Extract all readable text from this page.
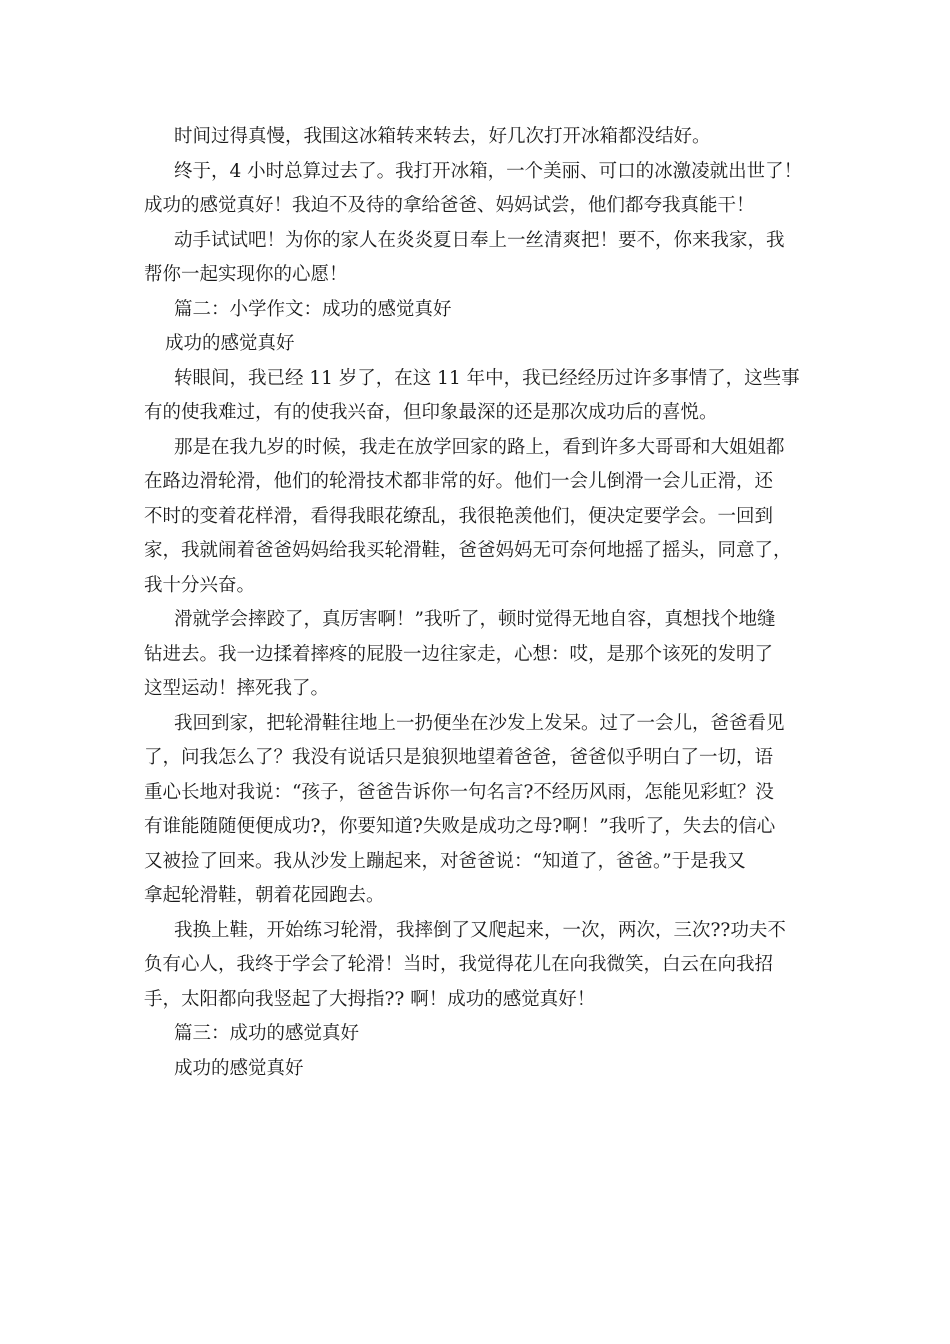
时间过得真慢，我围这冰箱转来转去，好几次打开冰箱都没结好。
终于，4 小时总算过去了。我打开冰箱，一个美丽、可口的冰激凌就出世了！
成功的感觉真好！我迫不及待的拿给爸爸、妈妈试尝，他们都夸我真能干！
动手试试吧！为你的家人在炎炎夏日奉上一丝清爽把！要不，你来我家，我
帮你一起实现你的心愿！
篇二：小学作文：成功的感觉真好
成功的感觉真好
转眼间，我已经 11 岁了，在这 11 年中，我已经经历过许多事情了，这些事
有的使我难过，有的使我兴奋，但印象最深的还是那次成功后的喜悦。
那是在我九岁的时候，我走在放学回家的路上，看到许多大哥哥和大姐姐都
在路边滑轮滑，他们的轮滑技术都非常的好。他们一会儿倒滑一会儿正滑，还
不时的变着花样滑，看得我眼花缭乱，我很艳羡他们，便决定要学会。一回到
家，我就闹着爸爸妈妈给我买轮滑鞋，爸爸妈妈无可奈何地摇了摇头，同意了，
我十分兴奋。
滑就学会摔跤了，真厉害啊！”我听了，顿时觉得无地自容，真想找个地缝
钻进去。我一边揉着摔疼的屁股一边往家走，心想：哎，是那个该死的发明了
这型运动！摔死我了。
我回到家，把轮滑鞋往地上一扔便坐在沙发上发呆。过了一会儿，爸爸看见
了，问我怎么了？我没有说话只是狼狈地望着爸爸，爸爸似乎明白了一切，语
重心长地对我说：“孩子，爸爸告诉你一句名言?不经历风雨，怎能见彩虹？没
有谁能随随便便成功?，你要知道?失败是成功之母?啊！”我听了，失去的信心
又被捡了回来。我从沙发上蹦起来，对爸爸说：“知道了，爸爸。”于是我又
拿起轮滑鞋，朝着花园跑去。
我换上鞋，开始练习轮滑，我摔倒了又爬起来，一次，两次，三次??功夫不
负有心人，我终于学会了轮滑！当时，我觉得花儿在向我微笑，白云在向我招
手，太阳都向我竖起了大拇指?? 啊！成功的感觉真好！
篇三：成功的感觉真好
成功的感觉真好
